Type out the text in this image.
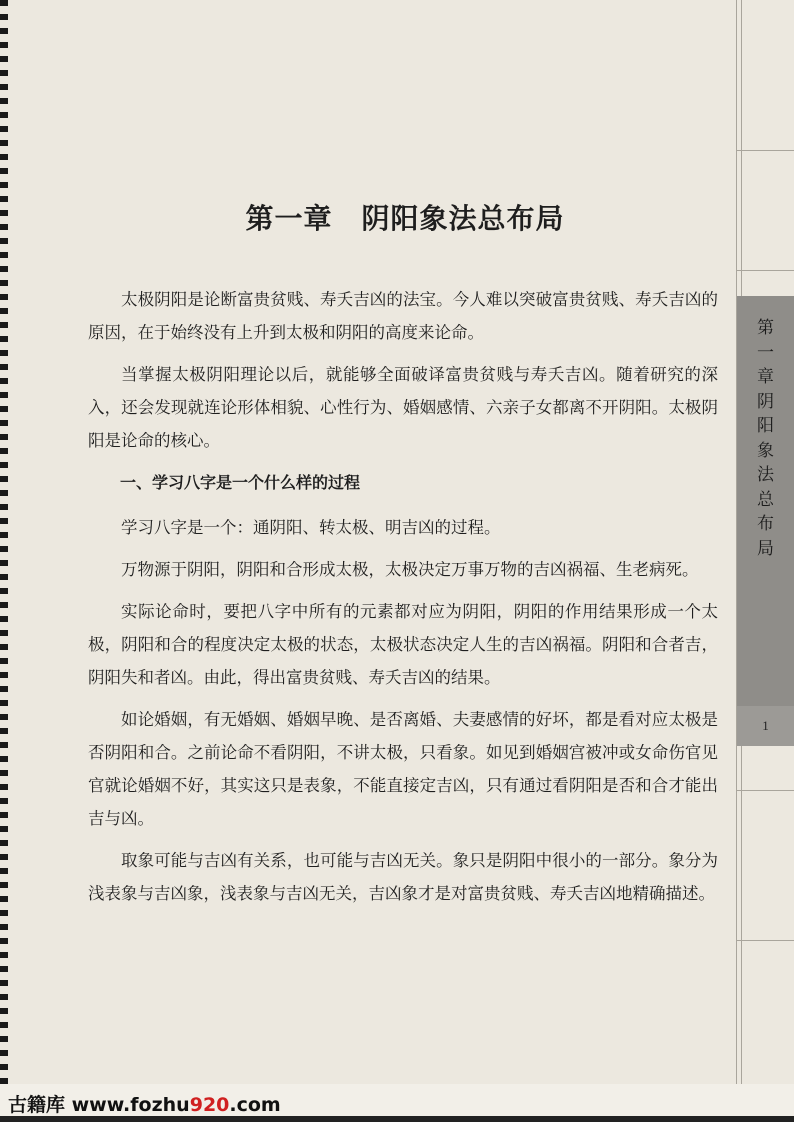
第
一
章
阴
阳
象
法
总
布
局
1
第一章　阴阳象法总布局

太极阴阳是论断富贵贫贱、寿夭吉凶的法宝。今人难以突破富贵贫贱、寿夭吉凶的原因，在于始终没有上升到太极和阴阳的高度来论命。

当掌握太极阴阳理论以后，就能够全面破译富贵贫贱与寿夭吉凶。随着研究的深入，还会发现就连论形体相貌、心性行为、婚姻感情、六亲子女都离不开阴阳。太极阴阳是论命的核心。

一、学习八字是一个什么样的过程

学习八字是一个：通阴阳、转太极、明吉凶的过程。

万物源于阴阳，阴阳和合形成太极，太极决定万事万物的吉凶祸福、生老病死。

实际论命时，要把八字中所有的元素都对应为阴阳，阴阳的作用结果形成一个太极，阴阳和合的程度决定太极的状态，太极状态决定人生的吉凶祸福。阴阳和合者吉，阴阳失和者凶。由此，得出富贵贫贱、寿夭吉凶的结果。

如论婚姻，有无婚姻、婚姻早晚、是否离婚、夫妻感情的好坏，都是看对应太极是否阴阳和合。之前论命不看阴阳，不讲太极，只看象。如见到婚姻宫被冲或女命伤官见官就论婚姻不好，其实这只是表象，不能直接定吉凶，只有通过看阴阳是否和合才能出吉与凶。

取象可能与吉凶有关系，也可能与吉凶无关。象只是阴阳中很小的一部分。象分为浅表象与吉凶象，浅表象与吉凶无关，吉凶象才是对富贵贫贱、寿夭吉凶地精确描述。

古籍库 www.fozhu920.com
